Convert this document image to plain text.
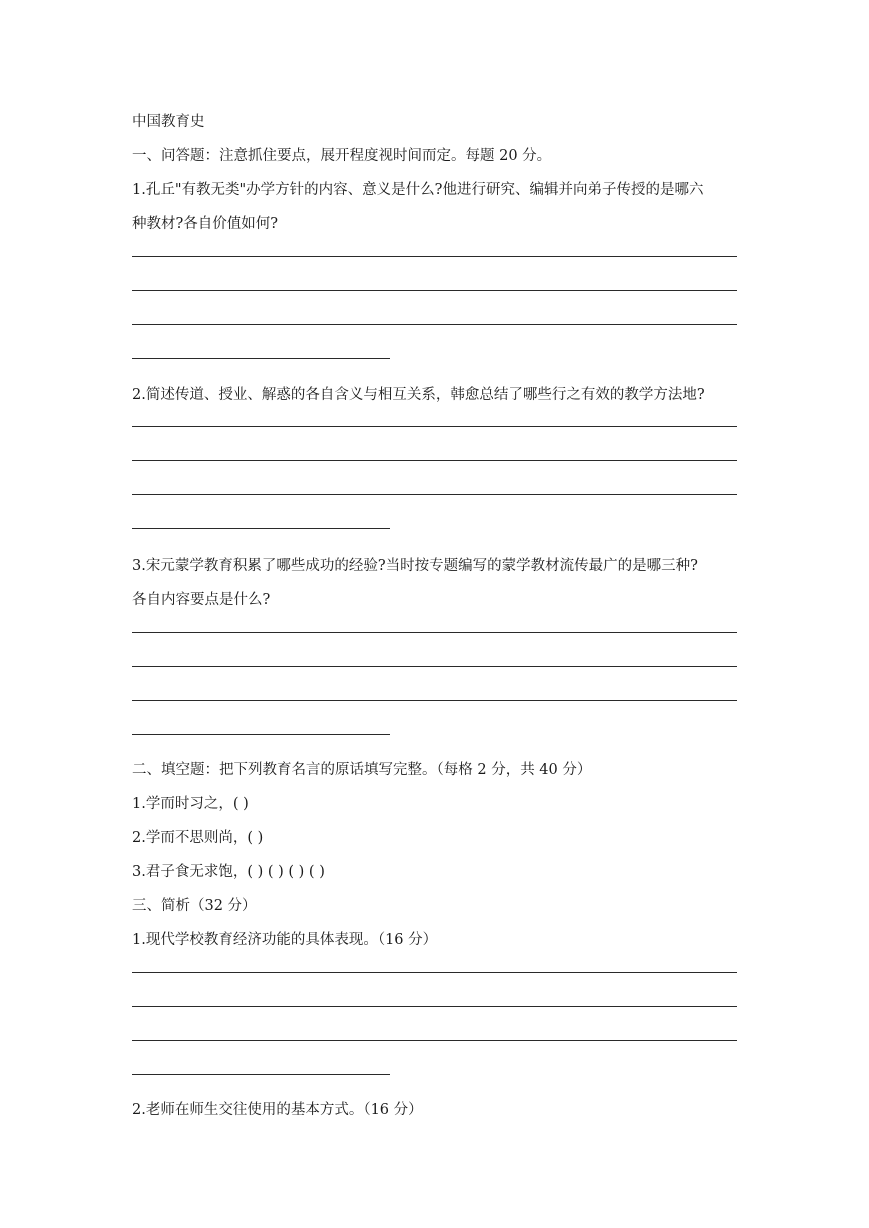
中国教育史
一、问答题：注意抓住要点，展开程度视时间而定。每题 20 分。
1.孔丘"有教无类"办学方针的内容、意义是什么?他进行研究、编辑并向弟子传授的是哪六
种教材?各自价值如何?
2.简述传道、授业、解惑的各自含义与相互关系，韩愈总结了哪些行之有效的教学方法地?
3.宋元蒙学教育积累了哪些成功的经验?当时按专题编写的蒙学教材流传最广的是哪三种?
各自内容要点是什么?
二、填空题：把下列教育名言的原话填写完整。（每格 2 分，共 40 分）
1.学而时习之，( )
2.学而不思则尚，( )
3.君子食无求饱，( ) ( ) ( ) ( )
三、简析（32 分）
1.现代学校教育经济功能的具体表现。（16 分）
2.老师在师生交往使用的基本方式。（16 分）
